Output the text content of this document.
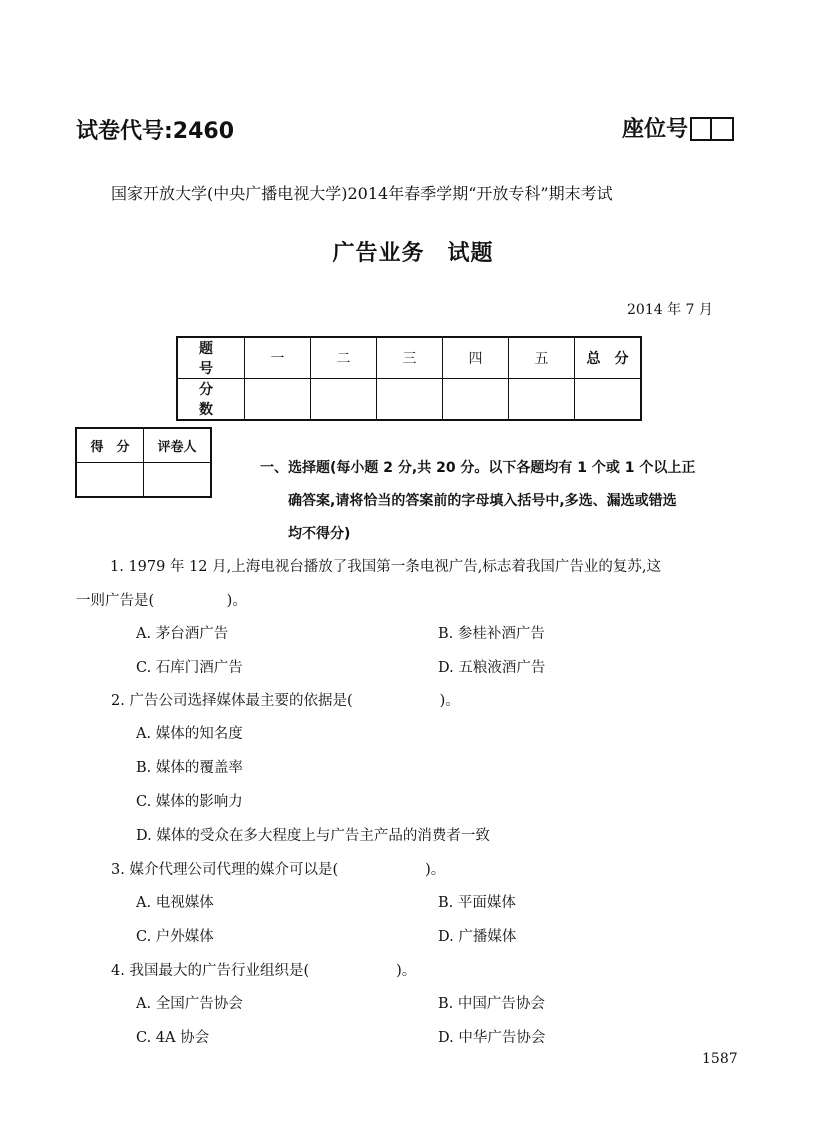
试卷代号:2460	座位号
国家开放大学(中央广播电视大学)2014年春季学期“开放专科”期末考试
广告业务　试题
2014 年 7 月
题　号	一	二	三	四	五	总　分
分　数						
得　分	评卷人

一、选择题(每小题 2 分,共 20 分。以下各题均有 1 个或 1 个以上正
确答案,请将恰当的答案前的字母填入括号中,多选、漏选或错选
均不得分)
1. 1979 年 12 月,上海电视台播放了我国第一条电视广告,标志着我国广告业的复苏,这
一则广告是(　　　　　)。
A. 茅台酒广告	B. 参桂补酒广告
C. 石库门酒广告	D. 五粮液酒广告
2. 广告公司选择媒体最主要的依据是(　　　　　　)。
A. 媒体的知名度
B. 媒体的覆盖率
C. 媒体的影响力
D. 媒体的受众在多大程度上与广告主产品的消费者一致
3. 媒介代理公司代理的媒介可以是(　　　　　　)。
A. 电视媒体	B. 平面媒体
C. 户外媒体	D. 广播媒体
4. 我国最大的广告行业组织是(　　　　　　)。
A. 全国广告协会	B. 中国广告协会
C. 4A 协会	D. 中华广告协会
1587
